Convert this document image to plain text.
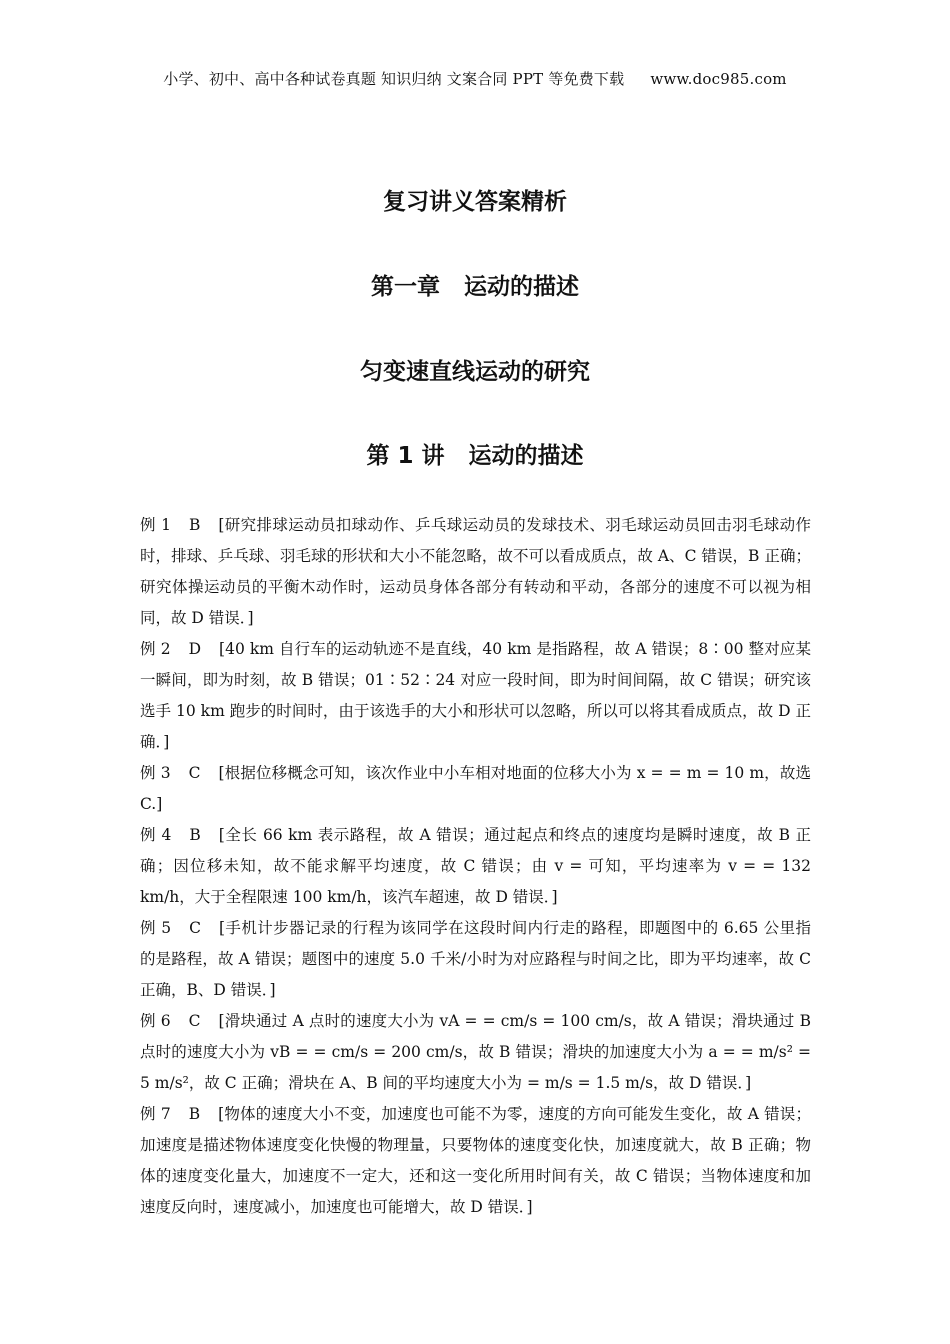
小学、初中、高中各种试卷真题 知识归纳 文案合同 PPT 等免费下载 www.doc985.com
复习讲义答案精析
第一章 运动的描述
匀变速直线运动的研究
第 1 讲 运动的描述

例 1 B [研究排球运动员扣球动作、乒乓球运动员的发球技术、羽毛球运动员回击羽毛球动作时，排球、乒乓球、羽毛球的形状和大小不能忽略，故不可以看成质点，故 A、C 错误，B 正确；研究体操运动员的平衡木动作时，运动员身体各部分有转动和平动，各部分的速度不可以视为相同，故 D 错误．]

例 2 D [40 km 自行车的运动轨迹不是直线，40 km 是指路程，故 A 错误；8∶00 整对应某一瞬间，即为时刻，故 B 错误；01∶52∶24 对应一段时间，即为时间间隔，故 C 错误；研究该选手 10 km 跑步的时间时，由于该选手的大小和形状可以忽略，所以可以将其看成质点，故 D 正确．]

例 3 C [根据位移概念可知，该次作业中小车相对地面的位移大小为 x = = m = 10 m，故选 C.]

例 4 B [全长 66 km 表示路程，故 A 错误；通过起点和终点的速度均是瞬时速度，故 B 正确；因位移未知，故不能求解平均速度，故 C 错误；由 v = 可知，平均速率为 v = = 132 km/h，大于全程限速 100 km/h，该汽车超速，故 D 错误．]

例 5 C [手机计步器记录的行程为该同学在这段时间内行走的路程，即题图中的 6.65 公里指的是路程，故 A 错误；题图中的速度 5.0 千米/小时为对应路程与时间之比，即为平均速率，故 C 正确，B、D 错误．]

例 6 C [滑块通过 A 点时的速度大小为 vA = = cm/s = 100 cm/s，故 A 错误；滑块通过 B 点时的速度大小为 vB = = cm/s = 200 cm/s，故 B 错误；滑块的加速度大小为 a = = m/s² = 5 m/s²，故 C 正确；滑块在 A、B 间的平均速度大小为 = m/s = 1.5 m/s，故 D 错误．]

例 7 B [物体的速度大小不变，加速度也可能不为零，速度的方向可能发生变化，故 A 错误；加速度是描述物体速度变化快慢的物理量，只要物体的速度变化快，加速度就大，故 B 正确；物体的速度变化量大，加速度不一定大，还和这一变化所用时间有关，故 C 错误；当物体速度和加速度反向时，速度减小，加速度也可能增大，故 D 错误．]
